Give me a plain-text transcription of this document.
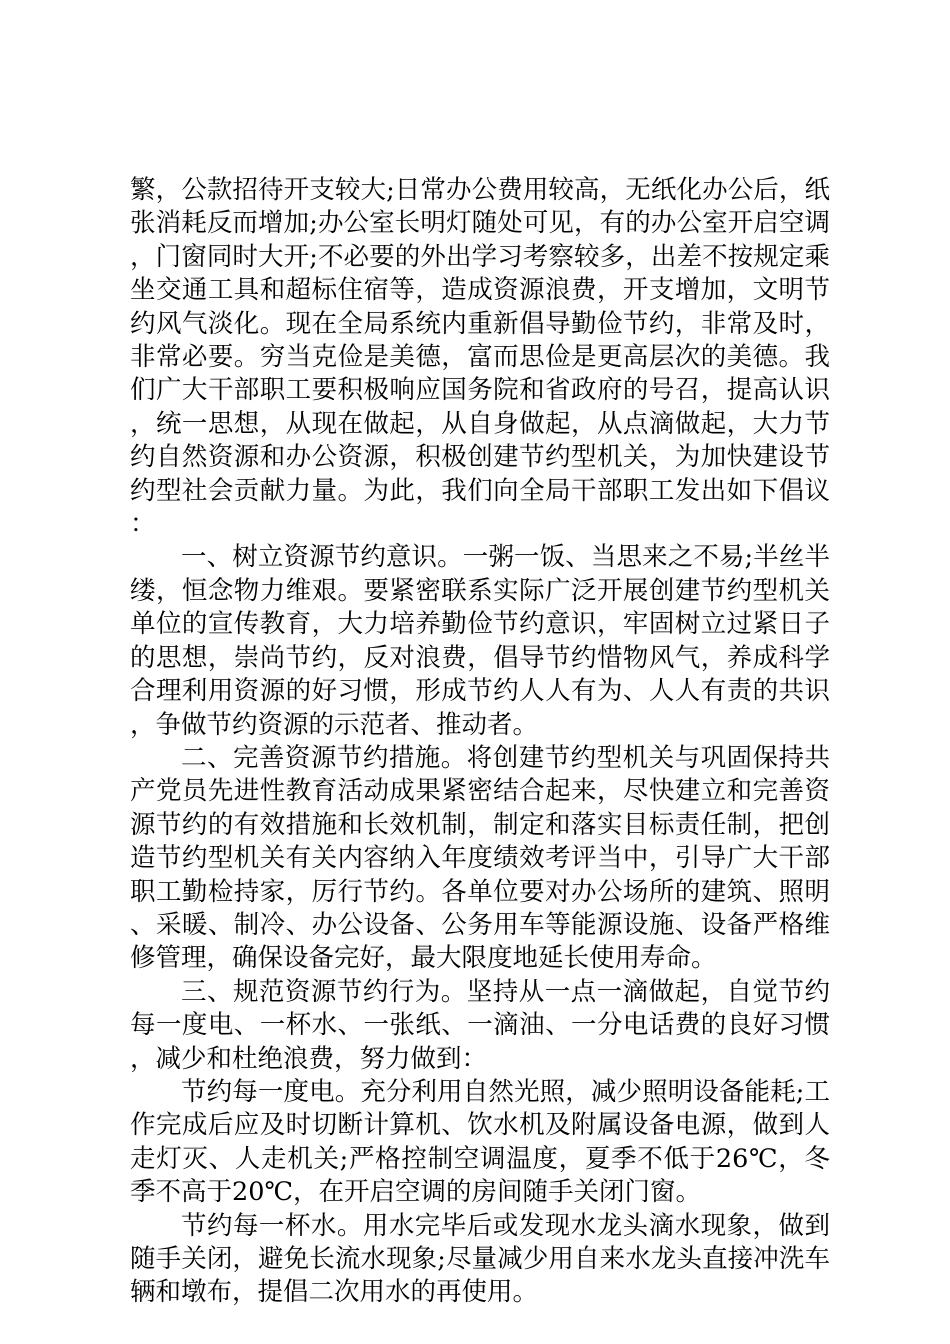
繁，公款招待开支较大;日常办公费用较高，无纸化办公后，纸张消耗反而增加;办公室长明灯随处可见，有的办公室开启空调，门窗同时大开;不必要的外出学习考察较多，出差不按规定乘坐交通工具和超标住宿等，造成资源浪费，开支增加，文明节约风气淡化。现在全局系统内重新倡导勤俭节约，非常及时，非常必要。穷当克俭是美德，富而思俭是更高层次的美德。我们广大干部职工要积极响应国务院和省政府的号召，提高认识，统一思想，从现在做起，从自身做起，从点滴做起，大力节约自然资源和办公资源，积极创建节约型机关，为加快建设节约型社会贡献力量。为此，我们向全局干部职工发出如下倡议：

一、树立资源节约意识。一粥一饭、当思来之不易;半丝半缕，恒念物力维艰。要紧密联系实际广泛开展创建节约型机关单位的宣传教育，大力培养勤俭节约意识，牢固树立过紧日子的思想，崇尚节约，反对浪费，倡导节约惜物风气，养成科学合理利用资源的好习惯，形成节约人人有为、人人有责的共识，争做节约资源的示范者、推动者。

二、完善资源节约措施。将创建节约型机关与巩固保持共产党员先进性教育活动成果紧密结合起来，尽快建立和完善资源节约的有效措施和长效机制，制定和落实目标责任制，把创造节约型机关有关内容纳入年度绩效考评当中，引导广大干部职工勤检持家，厉行节约。各单位要对办公场所的建筑、照明、采暖、制冷、办公设备、公务用车等能源设施、设备严格维修管理，确保设备完好，最大限度地延长使用寿命。

三、规范资源节约行为。坚持从一点一滴做起，自觉节约每一度电、一杯水、一张纸、一滴油、一分电话费的良好习惯，减少和杜绝浪费，努力做到：

节约每一度电。充分利用自然光照，减少照明设备能耗;工作完成后应及时切断计算机、饮水机及附属设备电源，做到人走灯灭、人走机关;严格控制空调温度，夏季不低于26℃，冬季不高于20℃，在开启空调的房间随手关闭门窗。

节约每一杯水。用水完毕后或发现水龙头滴水现象，做到随手关闭，避免长流水现象;尽量减少用自来水龙头直接冲洗车辆和墩布，提倡二次用水的再使用。
